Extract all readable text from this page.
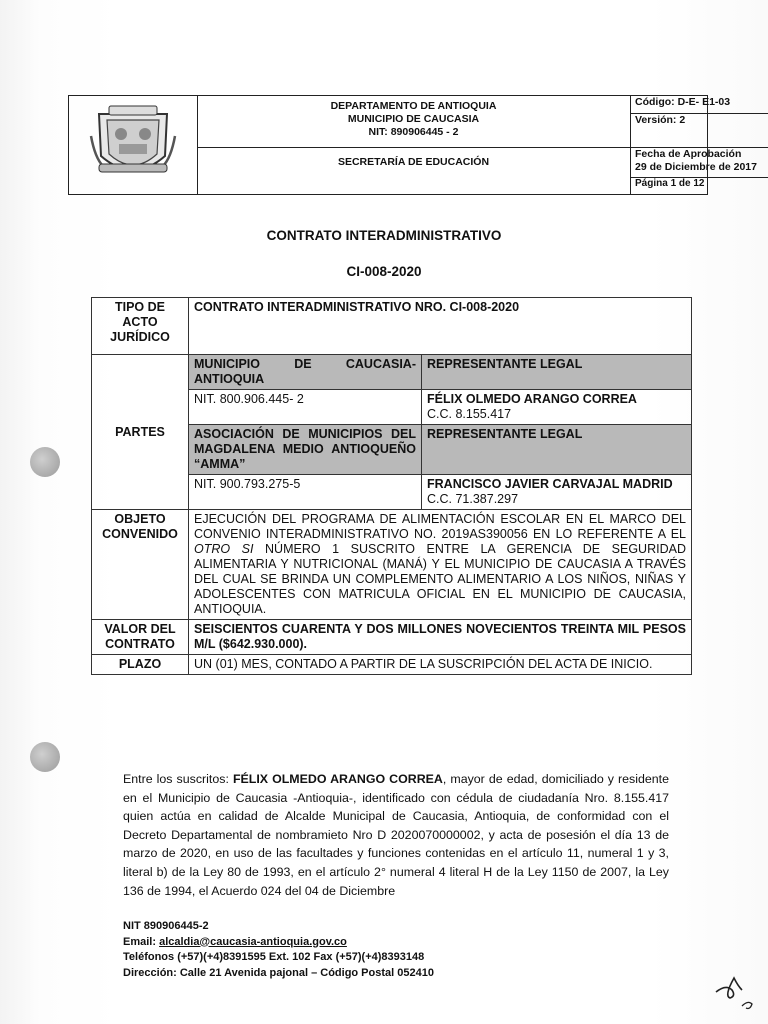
DEPARTAMENTO DE ANTIOQUIA
MUNICIPIO DE CAUCASIA
NIT: 890906445 - 2
SECRETARÍA DE EDUCACIÓN
Código: D-E- E1-03
Versión: 2
Fecha de Aprobación
29 de Diciembre de 2017
Página 1 de 12
CONTRATO INTERADMINISTRATIVO
CI-008-2020
TIPO DE ACTO JURÍDICO	CONTRATO INTERADMINISTRATIVO NRO. CI-008-2020	
PARTES	MUNICIPIO DE CAUCASIA- ANTIOQUIA	REPRESENTANTE LEGAL
	NIT. 800.906.445- 2	FÉLIX OLMEDO ARANGO CORREA
C.C. 8.155.417

	ASOCIACIÓN DE MUNICIPIOS DEL MAGDALENA MEDIO ANTIOQUEÑO “AMMA”	REPRESENTANTE LEGAL
	NIT. 900.793.275-5	FRANCISCO JAVIER CARVAJAL MADRID
C.C. 71.387.297

OBJETO CONVENIDO	EJECUCIÓN DEL PROGRAMA DE ALIMENTACIÓN ESCOLAR EN EL MARCO DEL CONVENIO INTERADMINISTRATIVO NO. 2019AS390056 EN LO REFERENTE A EL OTRO SI NÚMERO 1 SUSCRITO ENTRE LA GERENCIA DE SEGURIDAD ALIMENTARIA Y NUTRICIONAL (MANÁ) Y EL MUNICIPIO DE CAUCASIA A TRAVÉS DEL CUAL SE BRINDA UN COMPLEMENTO ALIMENTARIO A LOS NIÑOS, NIÑAS Y ADOLESCENTES CON MATRICULA OFICIAL EN EL MUNICIPIO DE CAUCASIA, ANTIOQUIA.	
VALOR DEL CONTRATO	SEISCIENTOS CUARENTA Y DOS MILLONES NOVECIENTOS TREINTA MIL PESOS M/L ($642.930.000).	
PLAZO	UN (01) MES, CONTADO A PARTIR DE LA SUSCRIPCIÓN DEL ACTA DE INICIO.	
Entre los suscritos: FÉLIX OLMEDO ARANGO CORREA, mayor de edad, domiciliado y residente en el Municipio de Caucasia -Antioquia-, identificado con cédula de ciudadanía Nro. 8.155.417 quien actúa en calidad de Alcalde Municipal de Caucasia, Antioquia, de conformidad con el Decreto Departamental de nombramieto Nro D 2020070000002, y acta de posesión el día 13 de marzo de 2020, en uso de las facultades y funciones contenidas en el artículo 11, numeral 1 y 3, literal b) de la Ley 80 de 1993, en el artículo 2° numeral 4 literal H de la Ley 1150 de 2007, la Ley 136 de 1994, el Acuerdo 024 del 04 de Diciembre
NIT 890906445-2
Email: alcaldia@caucasia-antioquia.gov.co
Teléfonos (+57)(+4)8391595 Ext. 102 Fax (+57)(+4)8393148
Dirección: Calle 21 Avenida pajonal – Código Postal 052410
